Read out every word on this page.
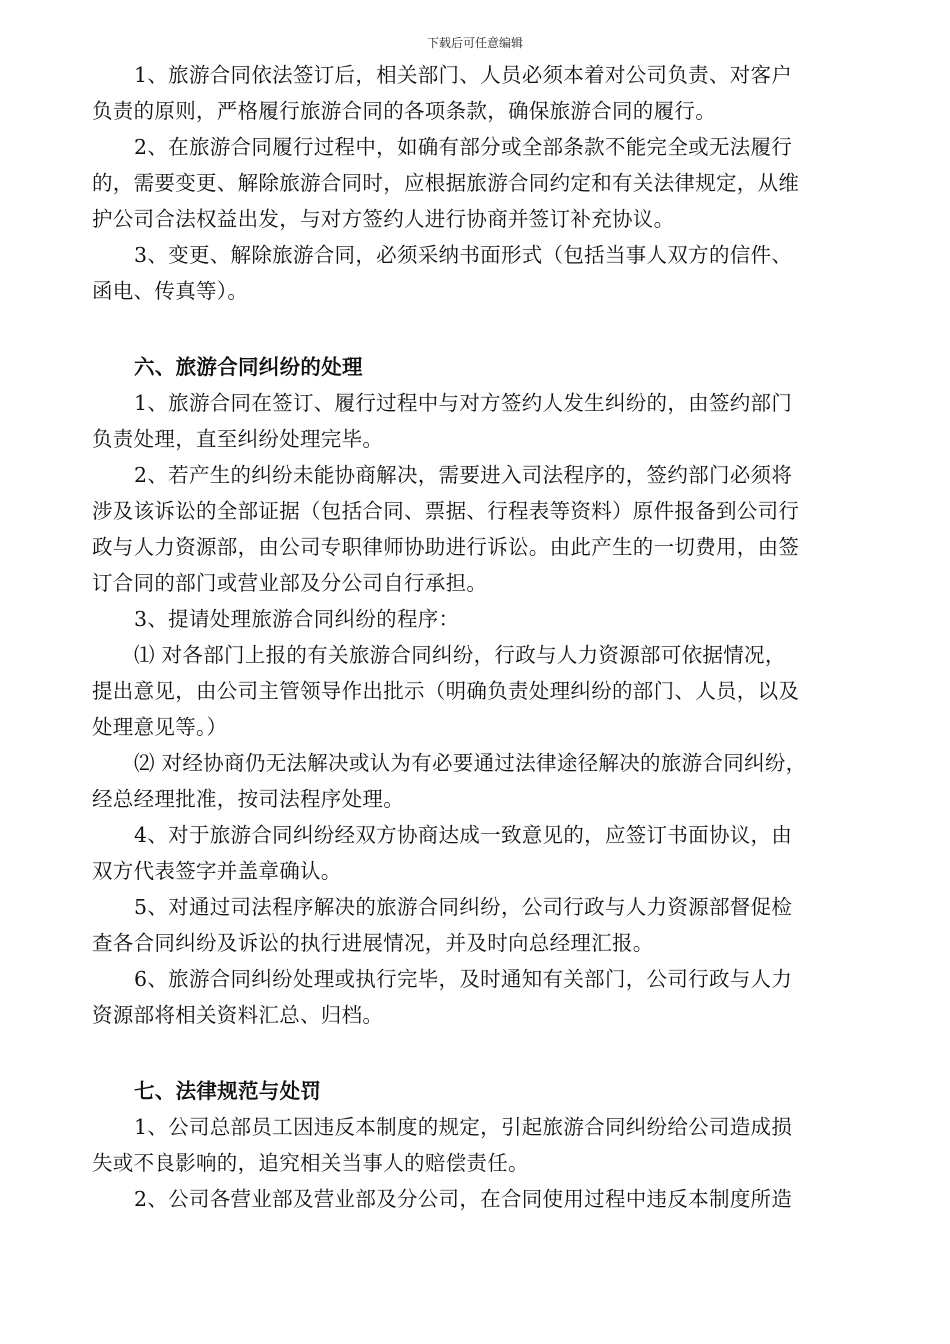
下载后可任意编辑
1、旅游合同依法签订后，相关部门、人员必须本着对公司负责、对客户
负责的原则，严格履行旅游合同的各项条款，确保旅游合同的履行。
2、在旅游合同履行过程中，如确有部分或全部条款不能完全或无法履行
的，需要变更、解除旅游合同时，应根据旅游合同约定和有关法律规定，从维
护公司合法权益出发，与对方签约人进行协商并签订补充协议。
3、变更、解除旅游合同，必须采纳书面形式（包括当事人双方的信件、
函电、传真等）。
六、旅游合同纠纷的处理
1、旅游合同在签订、履行过程中与对方签约人发生纠纷的，由签约部门
负责处理，直至纠纷处理完毕。
2、若产生的纠纷未能协商解决，需要进入司法程序的，签约部门必须将
涉及该诉讼的全部证据（包括合同、票据、行程表等资料）原件报备到公司行
政与人力资源部，由公司专职律师协助进行诉讼。由此产生的一切费用，由签
订合同的部门或营业部及分公司自行承担。
3、提请处理旅游合同纠纷的程序：
⑴ 对各部门上报的有关旅游合同纠纷，行政与人力资源部可依据情况，
提出意见，由公司主管领导作出批示（明确负责处理纠纷的部门、人员，以及
处理意见等。）
⑵ 对经协商仍无法解决或认为有必要通过法律途径解决的旅游合同纠纷，
经总经理批准，按司法程序处理。
4、对于旅游合同纠纷经双方协商达成一致意见的，应签订书面协议，由
双方代表签字并盖章确认。
5、对通过司法程序解决的旅游合同纠纷，公司行政与人力资源部督促检
查各合同纠纷及诉讼的执行进展情况，并及时向总经理汇报。
6、旅游合同纠纷处理或执行完毕，及时通知有关部门，公司行政与人力
资源部将相关资料汇总、归档。
七、法律规范与处罚
1、公司总部员工因违反本制度的规定，引起旅游合同纠纷给公司造成损
失或不良影响的，追究相关当事人的赔偿责任。
2、公司各营业部及营业部及分公司，在合同使用过程中违反本制度所造
